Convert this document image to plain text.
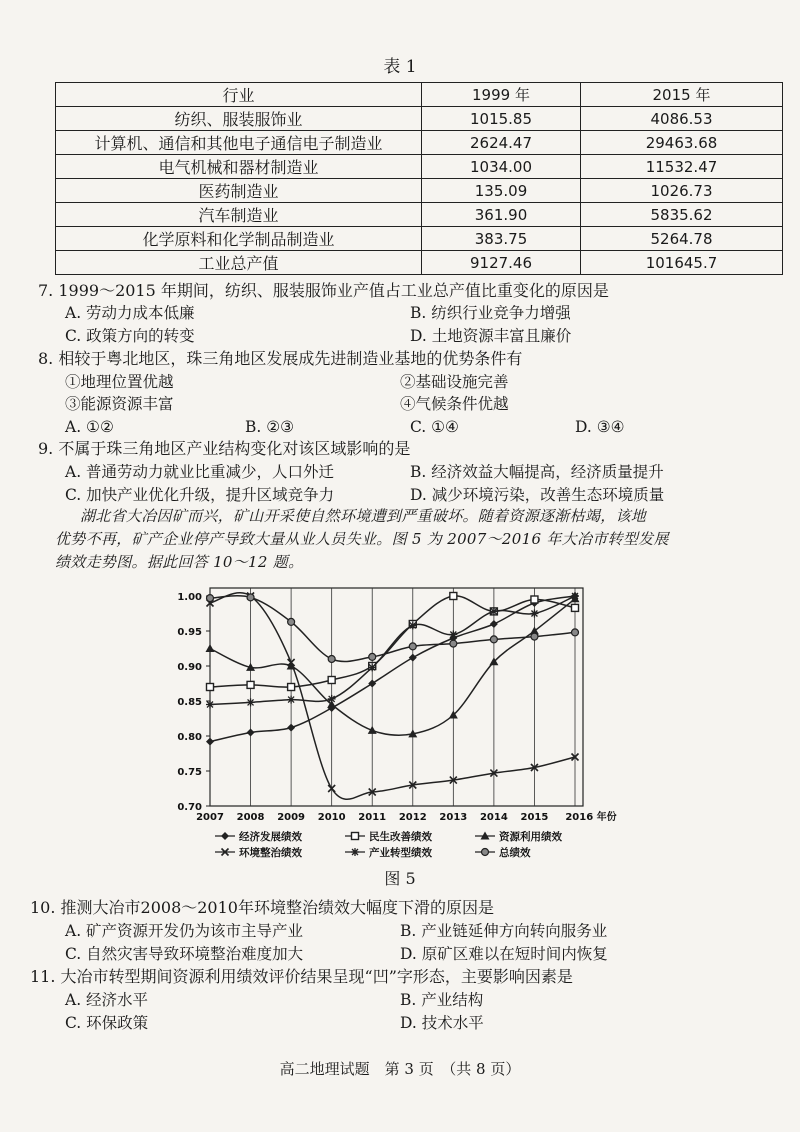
表 1
行业	1999 年	2015 年
纺织、服装服饰业	1015.85	4086.53
计算机、通信和其他电子通信电子制造业	2624.47	29463.68
电气机械和器材制造业	1034.00	11532.47
医药制造业	135.09	1026.73
汽车制造业	361.90	5835.62
化学原料和化学制品制造业	383.75	5264.78
工业总产值	9127.46	101645.7
7. 1999～2015 年期间，纺织、服装服饰业产值占工业总产值比重变化的原因是
A. 劳动力成本低廉	B. 纺织行业竞争力增强
C. 政策方向的转变	D. 土地资源丰富且廉价
8. 相较于粤北地区，珠三角地区发展成先进制造业基地的优势条件有
①地理位置优越	②基础设施完善
③能源资源丰富	④气候条件优越
A. ①②	B. ②③	C. ①④	D. ③④
9. 不属于珠三角地区产业结构变化对该区域影响的是
A. 普通劳动力就业比重减少，人口外迁	B. 经济效益大幅提高，经济质量提升
C. 加快产业优化升级，提升区域竞争力	D. 减少环境污染，改善生态环境质量
湖北省大冶因矿而兴，矿山开采使自然环境遭到严重破坏。随着资源逐渐枯竭，该地
优势不再，矿产企业停产导致大量从业人员失业。图 5 为 2007～2016 年大冶市转型发展
绩效走势图。据此回答 10～12 题。
0.70
0.75
0.80
0.85
0.90
0.95
1.00
2007 2008 2009 2010 2011 2012 2013 2014 2015 2016 年份
经济发展绩效	民生改善绩效	资源利用绩效
环境整治绩效	产业转型绩效	总绩效
图 5
10. 推测大冶市2008～2010年环境整治绩效大幅度下滑的原因是
A. 矿产资源开发仍为该市主导产业	B. 产业链延伸方向转向服务业
C. 自然灾害导致环境整治难度加大	D. 原矿区难以在短时间内恢复
11. 大冶市转型期间资源利用绩效评价结果呈现“凹”字形态，主要影响因素是
A. 经济水平	B. 产业结构
C. 环保政策	D. 技术水平
高二地理试题　第 3 页　（共 8 页）
